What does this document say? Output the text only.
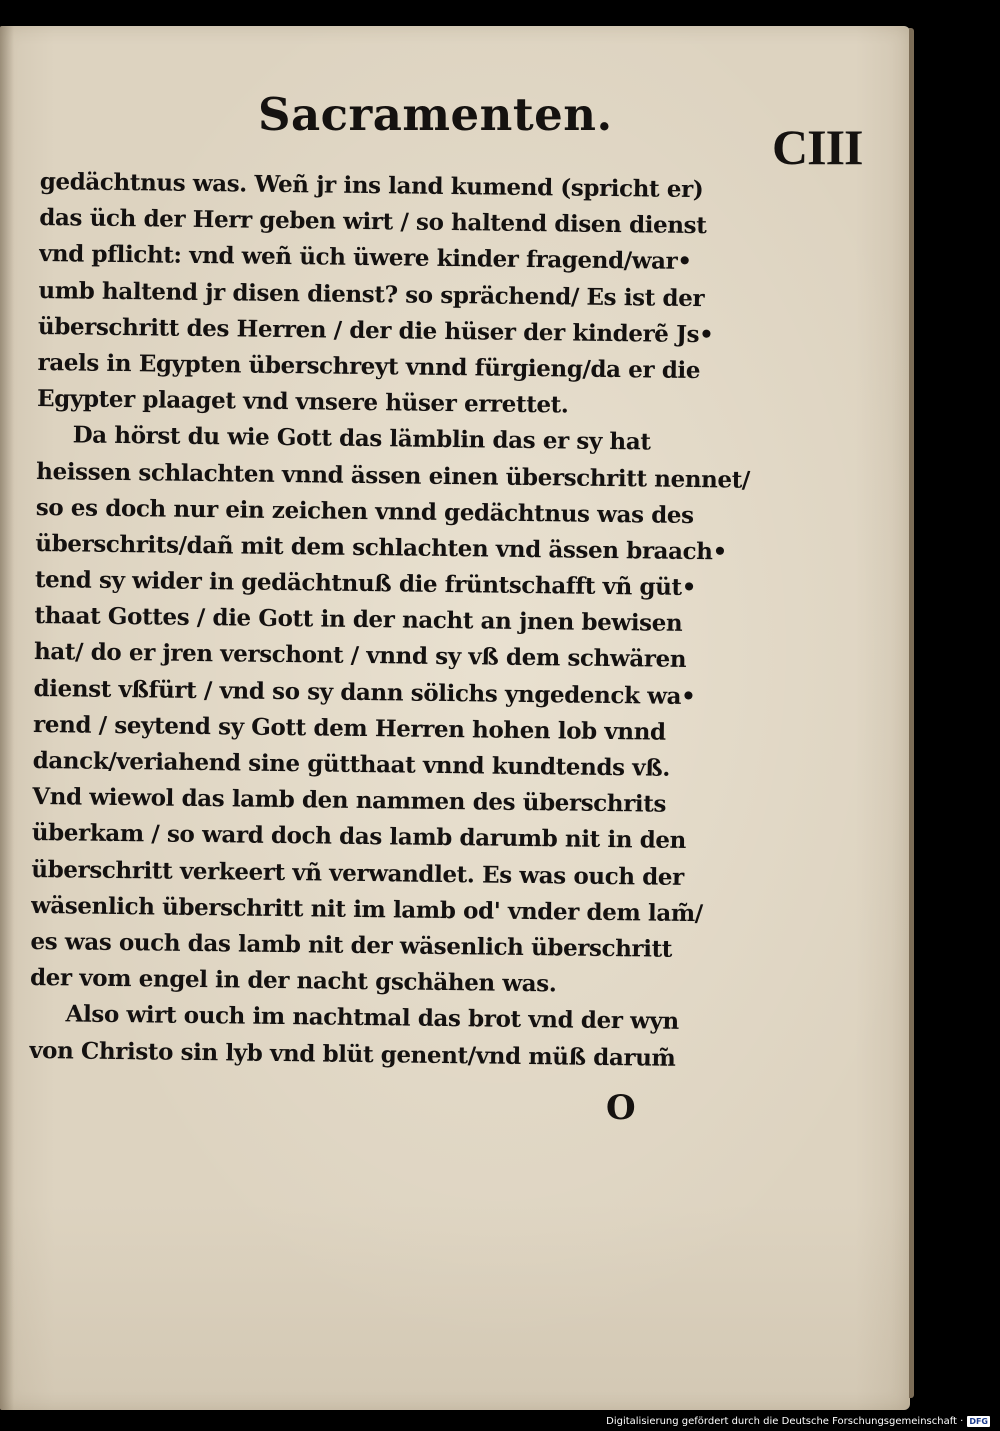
Sacramenten.
CIII
gedächtnus was. Weñ jr ins land kumend (spricht er)
das üch der Herr geben wirt / so haltend disen dienst
vnd pflicht: vnd weñ üch üwere kinder fragend/war•
umb haltend jr disen dienst? so sprächend/ Es ist der
überschritt des Herren / der die hüser der kinderẽ Js•
raels in Egypten überschreyt vnnd fürgieng/da er die
Egypter plaaget vnd vnsere hüser errettet.
Da hörst du wie Gott das lämblin das er sy hat
heissen schlachten vnnd ässen einen überschritt nennet/
so es doch nur ein zeichen vnnd gedächtnus was des
überschrits/dañ mit dem schlachten vnd ässen braach•
tend sy wider in gedächtnuß die früntschafft vñ güt•
thaat Gottes / die Gott in der nacht an jnen bewisen
hat/ do er jren verschont / vnnd sy vß dem schwären
dienst vßfürt / vnd so sy dann sölichs yngedenck wa•
rend / seytend sy Gott dem Herren hohen lob vnnd
danck/veriahend sine gütthaat vnnd kundtends vß.
Vnd wiewol das lamb den nammen des überschrits
überkam / so ward doch das lamb darumb nit in den
überschritt verkeert vñ verwandlet. Es was ouch der
wäsenlich überschritt nit im lamb od' vnder dem lam̃/
es was ouch das lamb nit der wäsenlich überschritt
der vom engel in der nacht gschähen was.
Also wirt ouch im nachtmal das brot vnd der wyn
von Christo sin lyb vnd blüt genent/vnd müß darum̃
O
Digitalisierung gefördert durch die Deutsche Forschungsgemeinschaft · DFG
